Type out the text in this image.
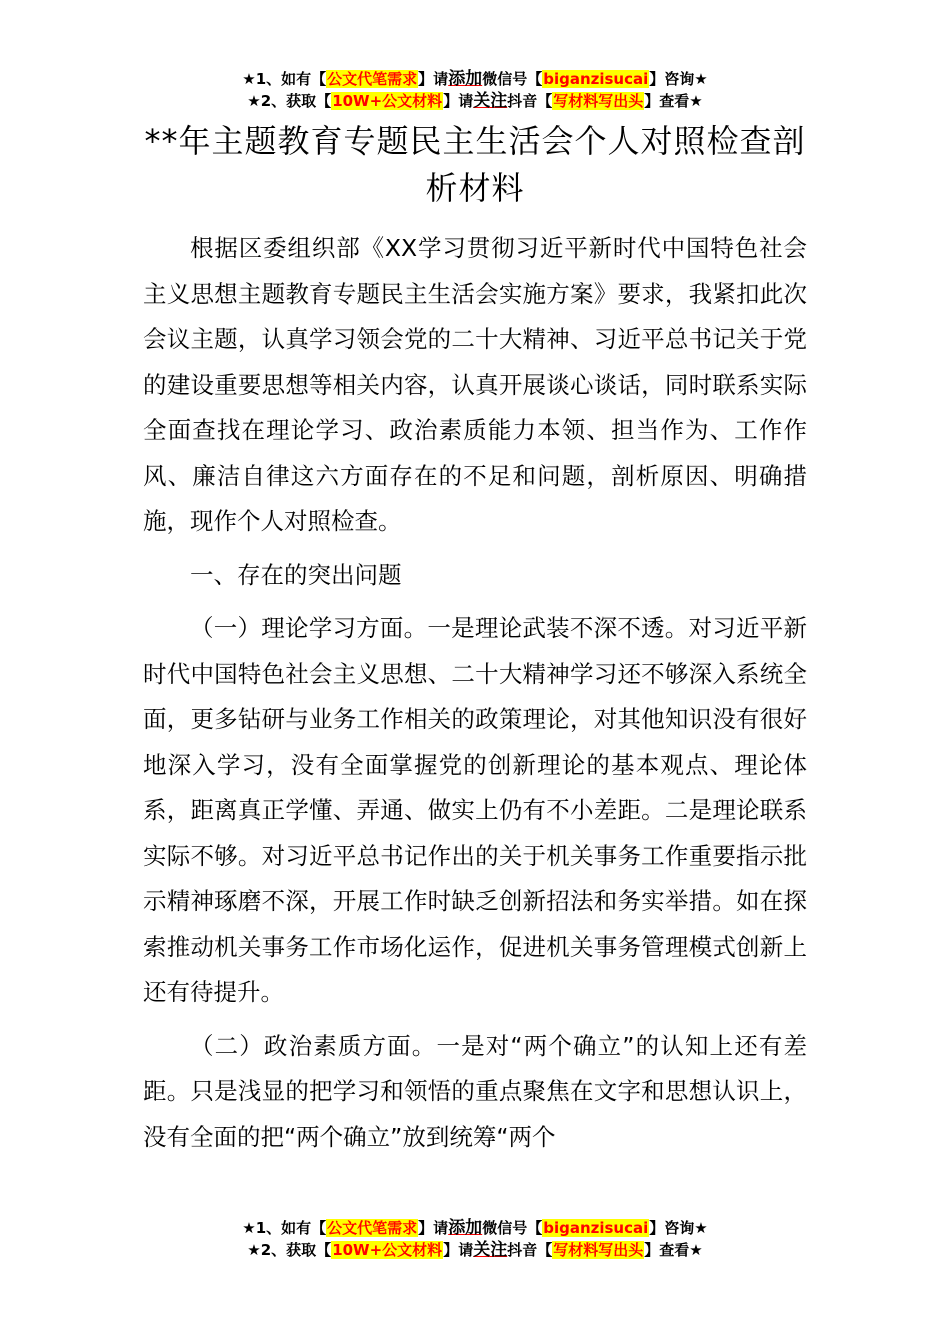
★1、如有【公文代笔需求】请添加微信号【biganzisucai】咨询★
★2、获取【10W+公文材料】请关注抖音【写材料写出头】查看★
**年主题教育专题民主生活会个人对照检查剖析材料

根据区委组织部《XX学习贯彻习近平新时代中国特色社会主义思想主题教育专题民主生活会实施方案》要求，我紧扣此次会议主题，认真学习领会党的二十大精神、习近平总书记关于党的建设重要思想等相关内容，认真开展谈心谈话，同时联系实际全面查找在理论学习、政治素质能力本领、担当作为、工作作风、廉洁自律这六方面存在的不足和问题，剖析原因、明确措施，现作个人对照检查。

一、存在的突出问题

（一）理论学习方面。一是理论武装不深不透。对习近平新时代中国特色社会主义思想、二十大精神学习还不够深入系统全面，更多钻研与业务工作相关的政策理论，对其他知识没有很好地深入学习，没有全面掌握党的创新理论的基本观点、理论体系，距离真正学懂、弄通、做实上仍有不小差距。二是理论联系实际不够。对习近平总书记作出的关于机关事务工作重要指示批示精神琢磨不深，开展工作时缺乏创新招法和务实举措。如在探索推动机关事务工作市场化运作，促进机关事务管理模式创新上还有待提升。

（二）政治素质方面。一是对“两个确立”的认知上还有差距。只是浅显的把学习和领悟的重点聚焦在文字和思想认识上，没有全面的把“两个确立”放到统筹“两个

★1、如有【公文代笔需求】请添加微信号【biganzisucai】咨询★
★2、获取【10W+公文材料】请关注抖音【写材料写出头】查看★
